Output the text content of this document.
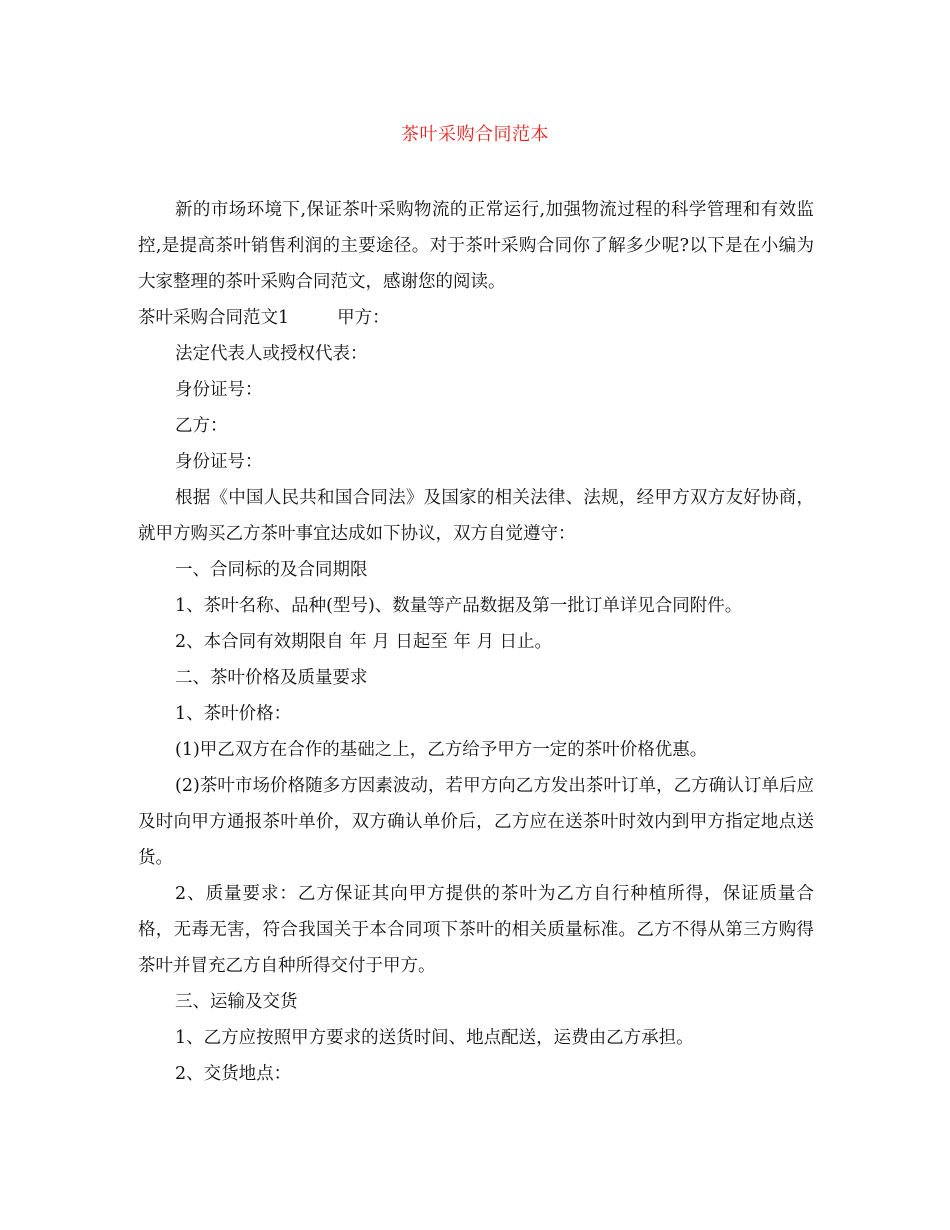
茶叶采购合同范本

新的市场环境下,保证茶叶采购物流的正常运行,加强物流过程的科学管理和有效监控,是提高茶叶销售利润的主要途径。对于茶叶采购合同你了解多少呢?以下是在小编为大家整理的茶叶采购合同范文，感谢您的阅读。

茶叶采购合同范文1	甲方：

法定代表人或授权代表：

身份证号：

乙方：

身份证号：

根据《中国人民共和国合同法》及国家的相关法律、法规，经甲方双方友好协商，就甲方购买乙方茶叶事宜达成如下协议，双方自觉遵守：

一、合同标的及合同期限

1、茶叶名称、品种(型号)、数量等产品数据及第一批订单详见合同附件。

2、本合同有效期限自 年 月 日起至 年 月 日止。

二、茶叶价格及质量要求

1、茶叶价格：

(1)甲乙双方在合作的基础之上，乙方给予甲方一定的茶叶价格优惠。

(2)茶叶市场价格随多方因素波动，若甲方向乙方发出茶叶订单，乙方确认订单后应及时向甲方通报茶叶单价，双方确认单价后，乙方应在送茶叶时效内到甲方指定地点送货。

2、质量要求：乙方保证其向甲方提供的茶叶为乙方自行种植所得，保证质量合格，无毒无害，符合我国关于本合同项下茶叶的相关质量标准。乙方不得从第三方购得茶叶并冒充乙方自种所得交付于甲方。

三、运输及交货

1、乙方应按照甲方要求的送货时间、地点配送，运费由乙方承担。

2、交货地点：
